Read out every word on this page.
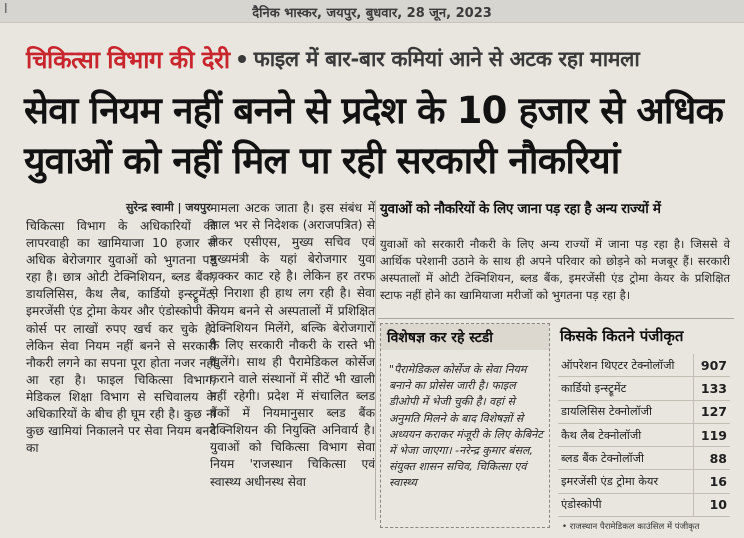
l	दैनिक भास्कर, जयपुर, बुधवार, 28 जून, 2023
चिकित्सा विभाग की देरी फाइल में बार-बार कमियां आने से अटक रहा मामला
सेवा नियम नहीं बनने से प्रदेश के 10 हजार से अधिक
युवाओं को नहीं मिल पा रही सरकारी नौकरियां
सुरेन्द्र स्वामी | जयपुर
चिकित्सा विभाग के अधिकारियों की लापरवाही का खामियाजा 10 हजार से अधिक बेरोजगार युवाओं को भुगतना पड़ रहा है। छात्र ओटी टेक्निशियन, ब्लड बैंक, डायलिसिस, कैथ लैब, कार्डियो इन्स्ट्रूमेंट, इमरजेंसी एंड ट्रोमा केयर और एंडोस्कोपी के कोर्स पर लाखों रुपए खर्च कर चुके है। लेकिन सेवा नियम नहीं बनने से सरकारी नौकरी लगने का सपना पूरा होता नजर नहीं आ रहा है। फाइल चिकित्सा विभाग, मेडिकल शिक्षा विभाग से सचिवालय के अधिकारियों के बीच ही घूम रही है। कुछ ना कुछ खामियां निकालने पर सेवा नियम बनने का
मामला अटक जाता है। इस संबंध में साल भर से निदेशक (अराजपत्रित) से लेकर एसीएस, मुख्य सचिव एवं मुख्यमंत्री के यहां बेरोजगार युवा चक्कर काट रहे है। लेकिन हर तरफ से निराशा ही हाथ लग रही है। सेवा नियम बनने से अस्पतालों में प्रशिक्षित टेक्निशियन मिलेंगे, बल्कि बेरोजगारों के लिए सरकारी नौकरी के रास्ते भी खुलेंगे। साथ ही पैरामेडिकल कोर्सेज कराने वाले संस्थानों में सीटें भी खाली नहीं रहेगी। प्रदेश में संचालित ब्लड बैंकों में नियमानुसार ब्लड बैंक टेक्निशियन की नियुक्ति अनिवार्य है। युवाओं को चिकित्सा विभाग सेवा नियम 'राजस्थान चिकित्सा एवं स्वास्थ्य अधीनस्थ सेवा
युवाओं को नौकरियों के लिए जाना पड़ रहा है अन्य राज्यों में
युवाओं को सरकारी नौकरी के लिए अन्य राज्यों में जाना पड़ रहा है। जिससे वे आर्थिक परेशानी उठाने के साथ ही अपने परिवार को छोड़ने को मजबूर हैं। सरकारी अस्पतालों में ओटी टेक्निशियन, ब्लड बैंक, इमरजेंसी एंड ट्रोमा केयर के प्रशिक्षित स्टाफ नहीं होने का खामियाजा मरीजों को भुगतना पड़ रहा है।
विशेषज्ञ कर रहे स्टडी
"पैरामेडिकल कोर्सेज के सेवा नियम बनाने का प्रोसेस जारी है। फाइल डीओपी में भेजी चुकी है। वहां से अनुमति मिलने के बाद विशेषज्ञों से अध्ययन कराकर मंजूरी के लिए केबिनेट में भेजा जाएगा। -नरेन्द्र कुमार बंसल, संयुक्त शासन सचिव, चिकित्सा एवं स्वास्थ्य
किसके कितने पंजीकृत
ऑपरेशन थिएटर टेक्नोलॉजी	907
कार्डियो इन्स्ट्रूमेंट	133
डायलिसिस टेक्नोलॉजी	127
कैथ लैब टेक्नोलॉजी	119
ब्लड बैंक टेक्नोलॉजी	88
इमरजेंसी एंड ट्रोमा केयर	16
एंडोस्कोपी	10
• राजस्थान पैरामेडिकल काउंसिल में पंजीकृत
